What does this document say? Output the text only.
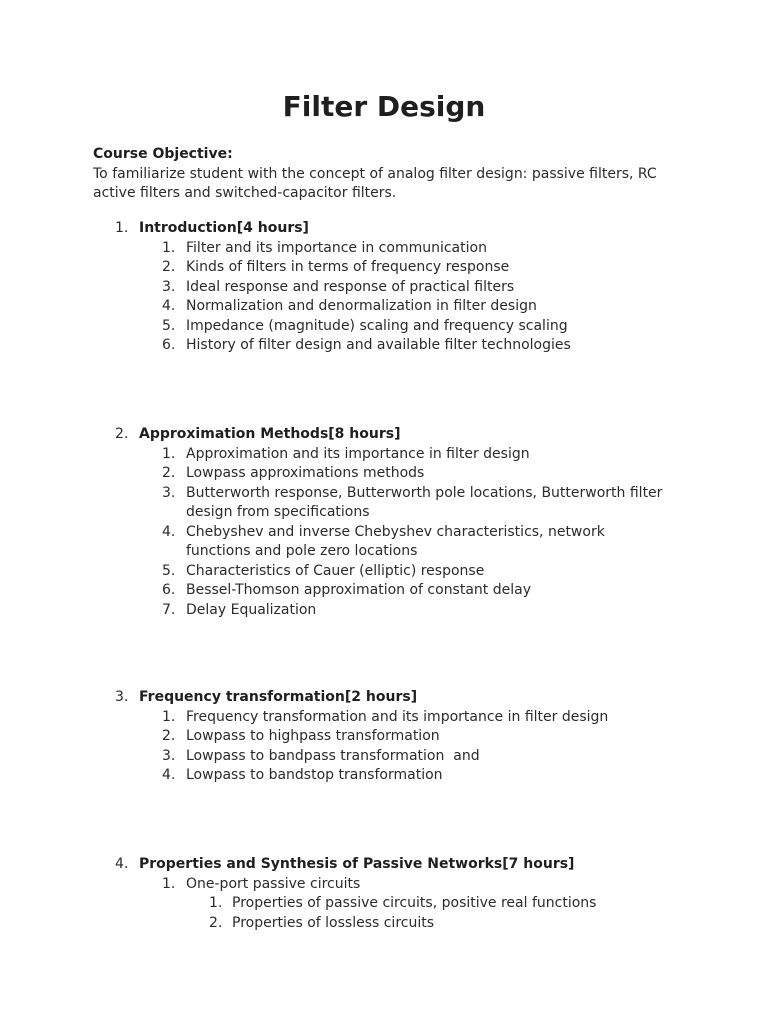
Filter Design
Course Objective:
To familiarize student with the concept of analog filter design: passive filters, RC active filters and switched-capacitor filters.
1. Introduction[4 hours]
1. Filter and its importance in communication
2. Kinds of filters in terms of frequency response
3. Ideal response and response of practical filters
4. Normalization and denormalization in filter design
5. Impedance (magnitude) scaling and frequency scaling
6. History of filter design and available filter technologies
2. Approximation Methods[8 hours]
1. Approximation and its importance in filter design
2. Lowpass approximations methods
3. Butterworth response, Butterworth pole locations, Butterworth filter design from specifications
4. Chebyshev and inverse Chebyshev characteristics, network functions and pole zero locations
5. Characteristics of Cauer (elliptic) response
6. Bessel-Thomson approximation of constant delay
7. Delay Equalization
3. Frequency transformation[2 hours]
1. Frequency transformation and its importance in filter design
2. Lowpass to highpass transformation
3. Lowpass to bandpass transformation  and
4. Lowpass to bandstop transformation
4. Properties and Synthesis of Passive Networks[7 hours]
1. One-port passive circuits
1. Properties of passive circuits, positive real functions
2. Properties of lossless circuits
